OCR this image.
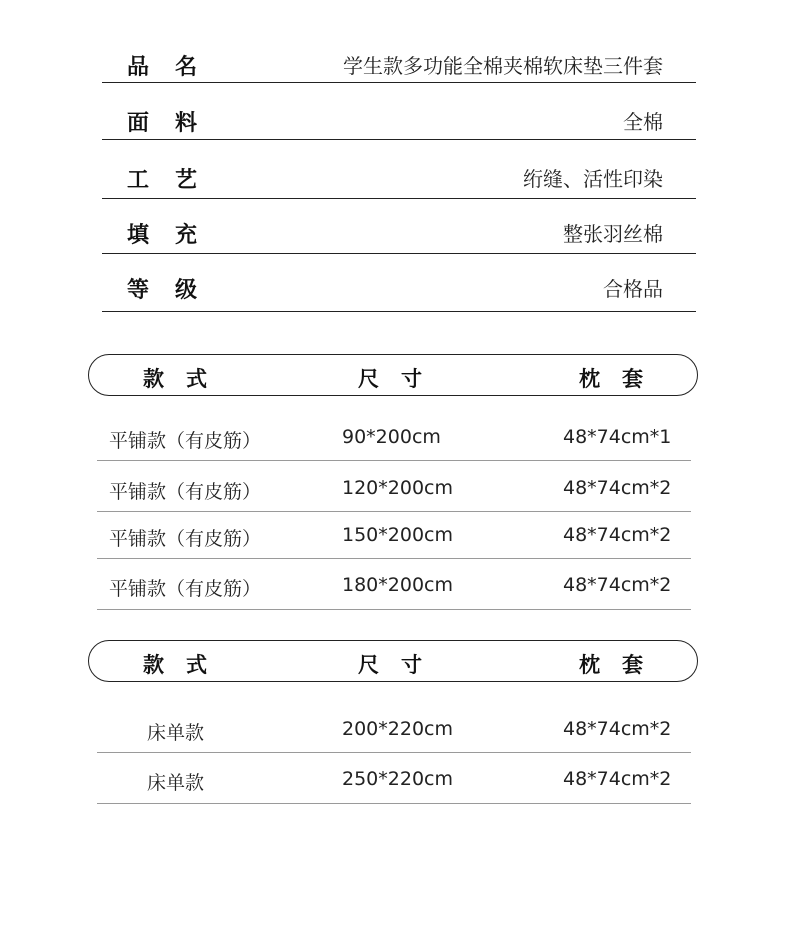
品名	学生款多功能全棉夹棉软床垫三件套
面料	全棉
工艺	绗缝、活性印染
填充	整张羽丝棉
等级	合格品
款式	尺寸	枕套
平铺款（有皮筋）	90*200cm	48*74cm*1
平铺款（有皮筋）	120*200cm	48*74cm*2
平铺款（有皮筋）	150*200cm	48*74cm*2
平铺款（有皮筋）	180*200cm	48*74cm*2
款式	尺寸	枕套
床单款	200*220cm	48*74cm*2
床单款	250*220cm	48*74cm*2
